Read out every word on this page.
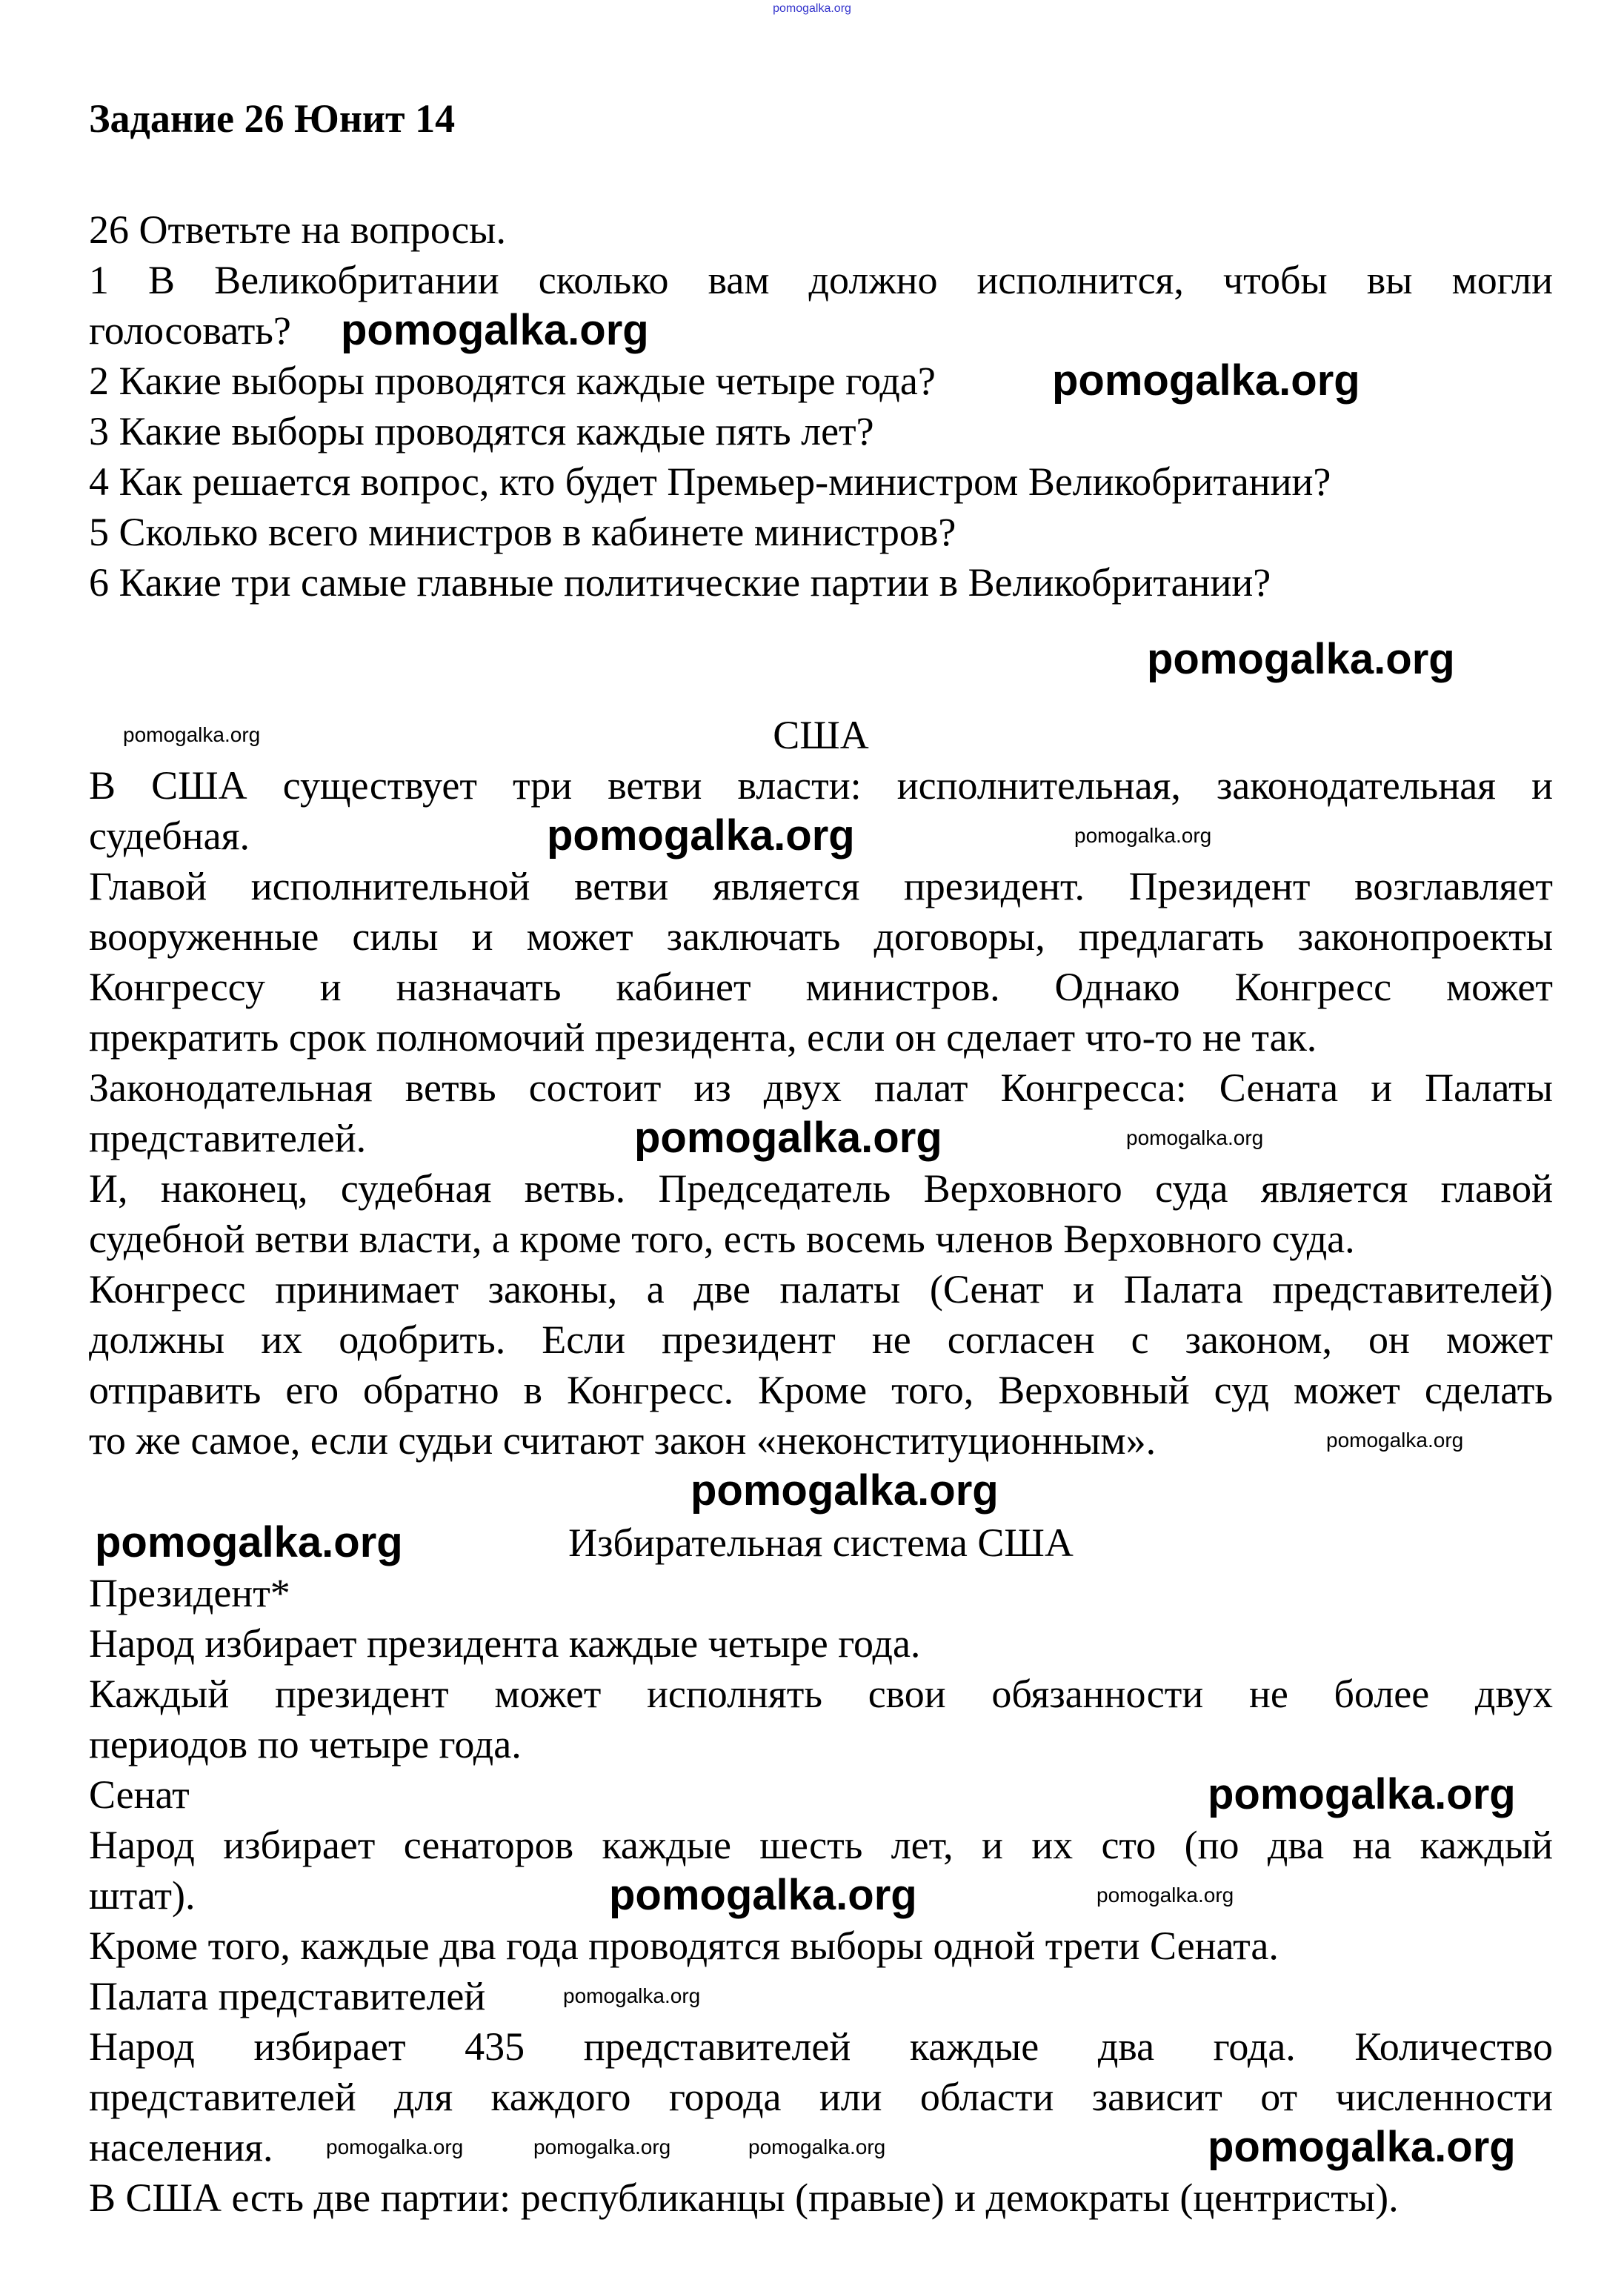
pomogalka.org
Задание 26 Юнит 14
26 Ответьте на вопросы.
1 В Великобритании сколько вам должно исполнится, чтобы вы могли
голосовать?
2 Какие выборы проводятся каждые четыре года?
3 Какие выборы проводятся каждые пять лет?
4 Как решается вопрос, кто будет Премьер-министром Великобритании?
5 Сколько всего министров в кабинете министров?
6 Какие три самые главные политические партии в Великобритании?
США
В США существует три ветви власти: исполнительная, законодательная и
судебная.
Главой исполнительной ветви является президент. Президент возглавляет
вооруженные силы и может заключать договоры, предлагать законопроекты
Конгрессу и назначать кабинет министров. Однако Конгресс может
прекратить срок полномочий президента, если он сделает что-то не так.
Законодательная ветвь состоит из двух палат Конгресса: Сената и Палаты
представителей.
И, наконец, судебная ветвь. Председатель Верховного суда является главой
судебной ветви власти, а кроме того, есть восемь членов Верховного суда.
Конгресс принимает законы, а две палаты (Сенат и Палата представителей)
должны их одобрить. Если президент не согласен с законом, он может
отправить его обратно в Конгресс. Кроме того, Верховный суд может сделать
то же самое, если судьи считают закон «неконституционным».
Избирательная система США
Президент*
Народ избирает президента каждые четыре года.
Каждый президент может исполнять свои обязанности не более двух
периодов по четыре года.
Сенат
Народ избирает сенаторов каждые шесть лет, и их сто (по два на каждый
штат).
Кроме того, каждые два года проводятся выборы одной трети Сената.
Палата представителей
Народ избирает 435 представителей каждые два года. Количество
представителей для каждого города или области зависит от численности
населения.
В США есть две партии: республиканцы (правые) и демократы (центристы).
pomogalka.org
pomogalka.org
pomogalka.org
pomogalka.org
pomogalka.org	pomogalka.org
pomogalka.org
pomogalka.org
pomogalka.org
pomogalka.org
pomogalka.org
pomogalka.org
pomogalka.org
pomogalka.org
pomogalka.org
pomogalka.org	pomogalka.org
pomogalka.org	pomogalka.org
